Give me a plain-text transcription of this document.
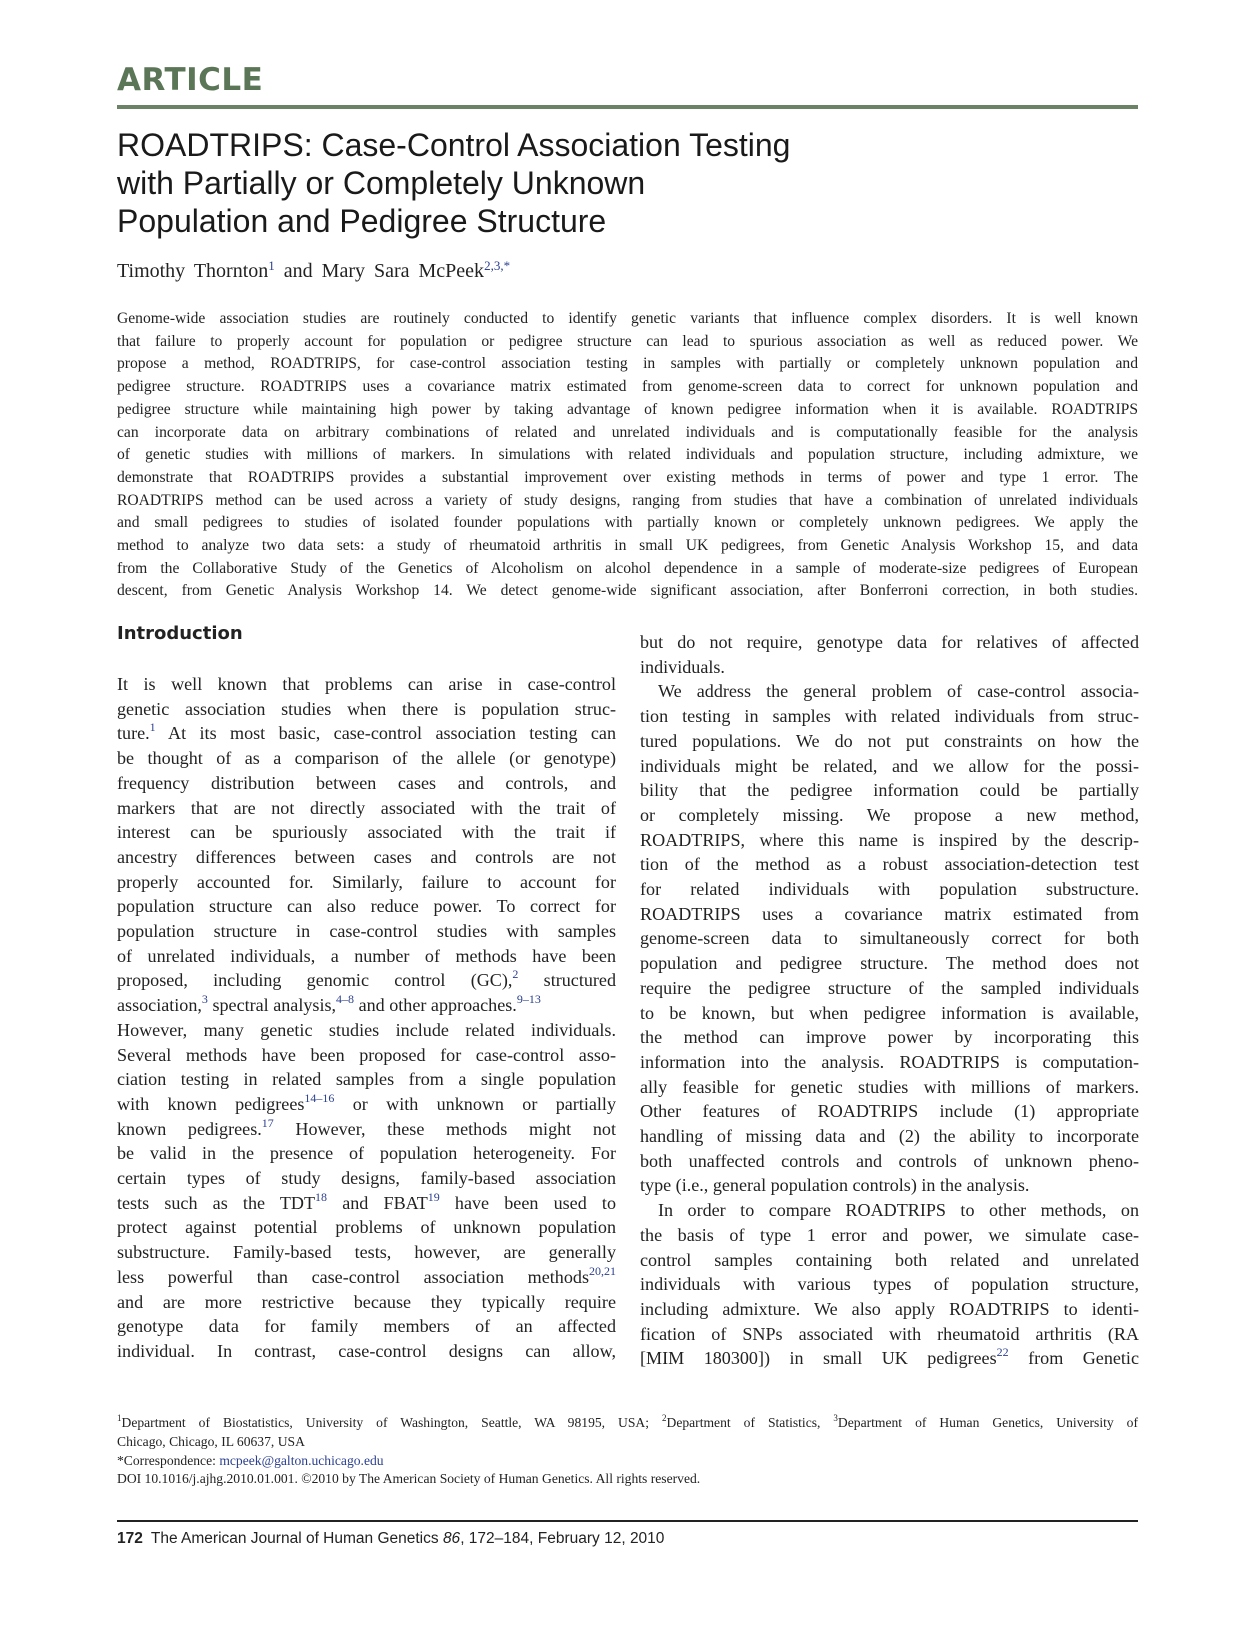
ARTICLE
ROADTRIPS: Case-Control Association Testing
with Partially or Completely Unknown
Population and Pedigree Structure
Timothy Thornton$^1$ and Mary Sara McPeek$^{2,3,*}$
Genome-wide association studies are routinely conducted to identify genetic variants that influence complex disorders. It is well known
that failure to properly account for population or pedigree structure can lead to spurious association as well as reduced power. We
propose a method, ROADTRIPS, for case-control association testing in samples with partially or completely unknown population and
pedigree structure. ROADTRIPS uses a covariance matrix estimated from genome-screen data to correct for unknown population and
pedigree structure while maintaining high power by taking advantage of known pedigree information when it is available. ROADTRIPS
can incorporate data on arbitrary combinations of related and unrelated individuals and is computationally feasible for the analysis
of genetic studies with millions of markers. In simulations with related individuals and population structure, including admixture, we
demonstrate that ROADTRIPS provides a substantial improvement over existing methods in terms of power and type 1 error. The
ROADTRIPS method can be used across a variety of study designs, ranging from studies that have a combination of unrelated individuals
and small pedigrees to studies of isolated founder populations with partially known or completely unknown pedigrees. We apply the
method to analyze two data sets: a study of rheumatoid arthritis in small UK pedigrees, from Genetic Analysis Workshop 15, and data
from the Collaborative Study of the Genetics of Alcoholism on alcohol dependence in a sample of moderate-size pedigrees of European
descent, from Genetic Analysis Workshop 14. We detect genome-wide significant association, after Bonferroni correction, in both studies.
Introduction
It is well known that problems can arise in case-control
genetic association studies when there is population struc-
ture.$^1$ At its most basic, case-control association testing can
be thought of as a comparison of the allele (or genotype)
frequency distribution between cases and controls, and
markers that are not directly associated with the trait of
interest can be spuriously associated with the trait if
ancestry differences between cases and controls are not
properly accounted for. Similarly, failure to account for
population structure can also reduce power. To correct for
population structure in case-control studies with samples
of unrelated individuals, a number of methods have been
proposed, including genomic control (GC),$^2$ structured
association,$^3$ spectral analysis,$^{4-8}$ and other approaches.$^{9-13}$
However, many genetic studies include related individuals.
Several methods have been proposed for case-control asso-
ciation testing in related samples from a single population
with known pedigrees$^{14-16}$ or with unknown or partially
known pedigrees.$^{17}$ However, these methods might not
be valid in the presence of population heterogeneity. For
certain types of study designs, family-based association
tests such as the TDT$^{18}$ and FBAT$^{19}$ have been used to
protect against potential problems of unknown population
substructure. Family-based tests, however, are generally
less powerful than case-control association methods$^{20,21}$
and are more restrictive because they typically require
genotype data for family members of an affected
individual. In contrast, case-control designs can allow,
but do not require, genotype data for relatives of affected
individuals.
We address the general problem of case-control associa-
tion testing in samples with related individuals from struc-
tured populations. We do not put constraints on how the
individuals might be related, and we allow for the possi-
bility that the pedigree information could be partially
or completely missing. We propose a new method,
ROADTRIPS, where this name is inspired by the descrip-
tion of the method as a robust association-detection test
for related individuals with population substructure.
ROADTRIPS uses a covariance matrix estimated from
genome-screen data to simultaneously correct for both
population and pedigree structure. The method does not
require the pedigree structure of the sampled individuals
to be known, but when pedigree information is available,
the method can improve power by incorporating this
information into the analysis. ROADTRIPS is computation-
ally feasible for genetic studies with millions of markers.
Other features of ROADTRIPS include (1) appropriate
handling of missing data and (2) the ability to incorporate
both unaffected controls and controls of unknown pheno-
type (i.e., general population controls) in the analysis.
In order to compare ROADTRIPS to other methods, on
the basis of type 1 error and power, we simulate case-
control samples containing both related and unrelated
individuals with various types of population structure,
including admixture. We also apply ROADTRIPS to identi-
fication of SNPs associated with rheumatoid arthritis (RA
[MIM 180300]) in small UK pedigrees$^{22}$ from Genetic
$^1$Department of Biostatistics, University of Washington, Seattle, WA 98195, USA; $^2$Department of Statistics, $^3$Department of Human Genetics, University of
Chicago, Chicago, IL 60637, USA
*Correspondence: mcpeek@galton.uchicago.edu
DOI 10.1016/j.ajhg.2010.01.001. ©2010 by The American Society of Human Genetics. All rights reserved.
172 The American Journal of Human Genetics 86, 172–184, February 12, 2010
